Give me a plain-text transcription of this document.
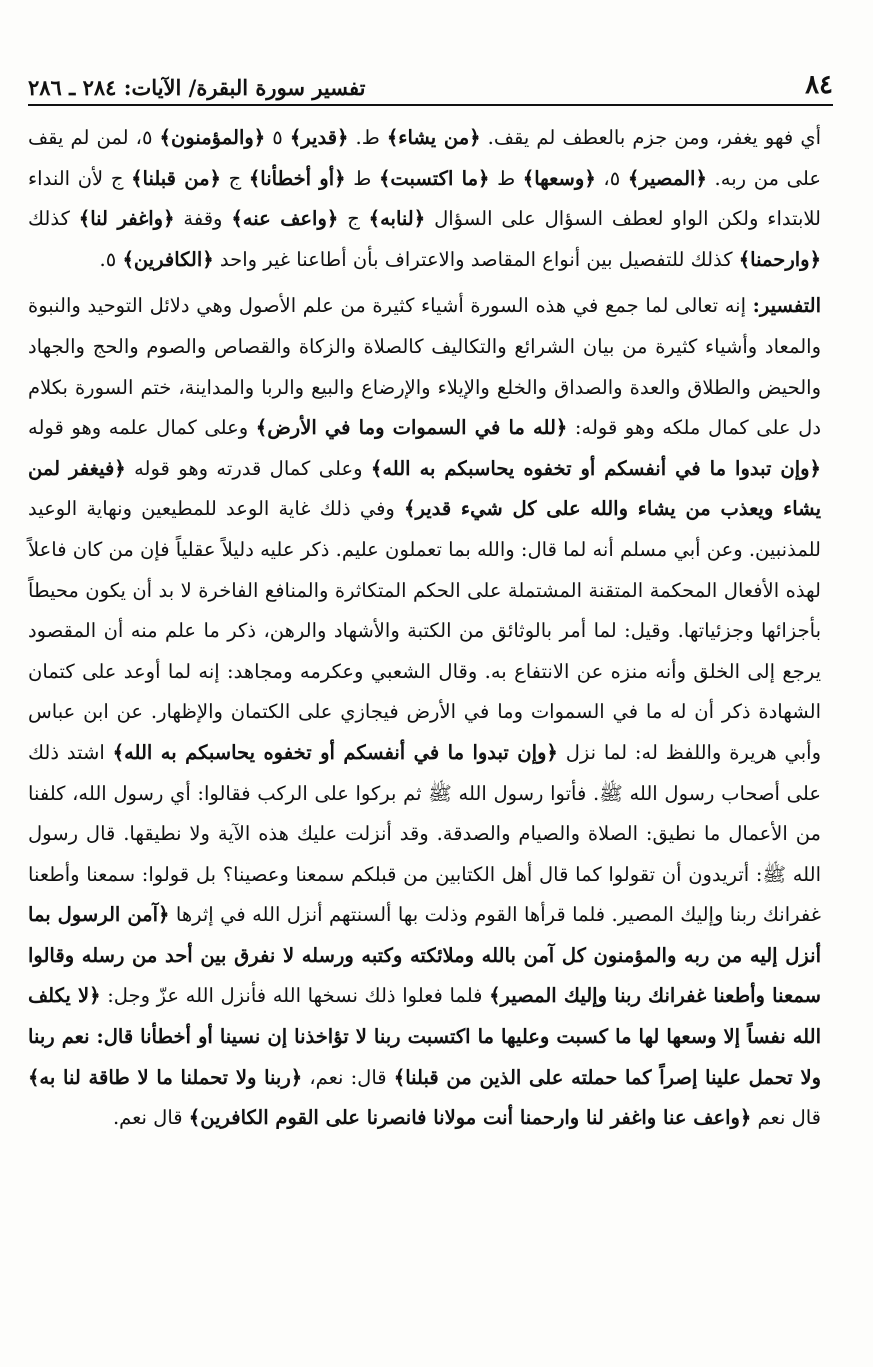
٨٤
تفسير سورة البقرة/ الآيات: ٢٨٤ ـ ٢٨٦

أي فهو يغفر، ومن جزم بالعطف لم يقف. ﴿من يشاء﴾ ط. ﴿قدير﴾ ٥ ﴿والمؤمنون﴾ ٥، لمن لم يقف على من ربه. ﴿المصير﴾ ٥، ﴿وسعها﴾ ط ﴿ما اكتسبت﴾ ط ﴿أو أخطأنا﴾ ج ﴿من قبلنا﴾ ج لأن النداء للابتداء ولكن الواو لعطف السؤال على السؤال ﴿لنابه﴾ ج ﴿واعف عنه﴾ وقفة ﴿واغفر لنا﴾ كذلك ﴿وارحمنا﴾ كذلك للتفصيل بين أنواع المقاصد والاعتراف بأن أطاعنا غير واحد ﴿الكافرين﴾ ٥.

التفسير: إنه تعالى لما جمع في هذه السورة أشياء كثيرة من علم الأصول وهي دلائل التوحيد والنبوة والمعاد وأشياء كثيرة من بيان الشرائع والتكاليف كالصلاة والزكاة والقصاص والصوم والحج والجهاد والحيض والطلاق والعدة والصداق والخلع والإيلاء والإرضاع والبيع والربا والمداينة، ختم السورة بكلام دل على كمال ملكه وهو قوله: ﴿لله ما في السموات وما في الأرض﴾ وعلى كمال علمه وهو قوله ﴿وإن تبدوا ما في أنفسكم أو تخفوه يحاسبكم به الله﴾ وعلى كمال قدرته وهو قوله ﴿فيغفر لمن يشاء ويعذب من يشاء والله على كل شيء قدير﴾ وفي ذلك غاية الوعد للمطيعين ونهاية الوعيد للمذنبين. وعن أبي مسلم أنه لما قال: والله بما تعملون عليم. ذكر عليه دليلاً عقلياً فإن من كان فاعلاً لهذه الأفعال المحكمة المتقنة المشتملة على الحكم المتكاثرة والمنافع الفاخرة لا بد أن يكون محيطاً بأجزائها وجزئياتها. وقيل: لما أمر بالوثائق من الكتبة والأشهاد والرهن، ذكر ما علم منه أن المقصود يرجع إلى الخلق وأنه منزه عن الانتفاع به. وقال الشعبي وعكرمه ومجاهد: إنه لما أوعد على كتمان الشهادة ذكر أن له ما في السموات وما في الأرض فيجازي على الكتمان والإظهار. عن ابن عباس وأبي هريرة واللفظ له: لما نزل ﴿وإن تبدوا ما في أنفسكم أو تخفوه يحاسبكم به الله﴾ اشتد ذلك على أصحاب رسول الله ﷺ. فأتوا رسول الله ﷺ ثم بركوا على الركب فقالوا: أي رسول الله، كلفنا من الأعمال ما نطيق: الصلاة والصيام والصدقة. وقد أنزلت عليك هذه الآية ولا نطيقها. قال رسول الله ﷺ: أتريدون أن تقولوا كما قال أهل الكتابين من قبلكم سمعنا وعصينا؟ بل قولوا: سمعنا وأطعنا غفرانك ربنا وإليك المصير. فلما قرأها القوم وذلت بها ألسنتهم أنزل الله في إثرها ﴿آمن الرسول بما أنزل إليه من ربه والمؤمنون كل آمن بالله وملائكته وكتبه ورسله لا نفرق بين أحد من رسله وقالوا سمعنا وأطعنا غفرانك ربنا وإليك المصير﴾ فلما فعلوا ذلك نسخها الله فأنزل الله عزّ وجل: ﴿لا يكلف الله نفساً إلا وسعها لها ما كسبت وعليها ما اكتسبت ربنا لا تؤاخذنا إن نسينا أو أخطأنا قال: نعم ربنا ولا تحمل علينا إصراً كما حملته على الذين من قبلنا﴾ قال: نعم، ﴿ربنا ولا تحملنا ما لا طاقة لنا به﴾ قال نعم ﴿واعف عنا واغفر لنا وارحمنا أنت مولانا فانصرنا على القوم الكافرين﴾ قال نعم.
